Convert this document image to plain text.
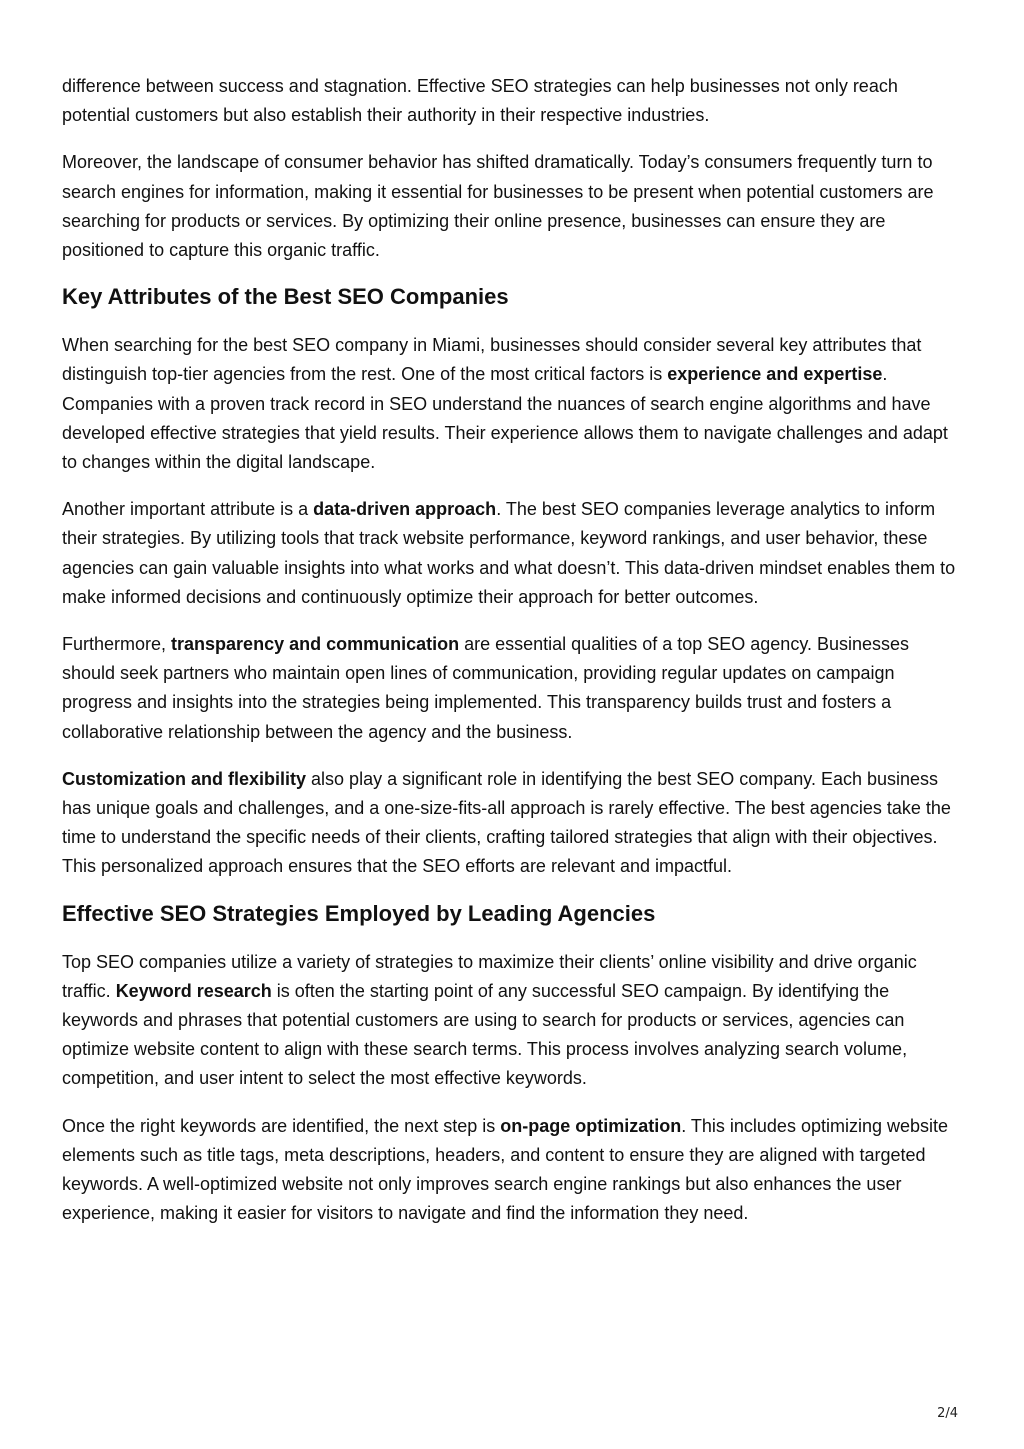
difference between success and stagnation. Effective SEO strategies can help businesses not only reach potential customers but also establish their authority in their respective industries.

Moreover, the landscape of consumer behavior has shifted dramatically. Today’s consumers frequently turn to search engines for information, making it essential for businesses to be present when potential customers are searching for products or services. By optimizing their online presence, businesses can ensure they are positioned to capture this organic traffic.

Key Attributes of the Best SEO Companies

When searching for the best SEO company in Miami, businesses should consider several key attributes that distinguish top-tier agencies from the rest. One of the most critical factors is experience and expertise. Companies with a proven track record in SEO understand the nuances of search engine algorithms and have developed effective strategies that yield results. Their experience allows them to navigate challenges and adapt to changes within the digital landscape.

Another important attribute is a data-driven approach. The best SEO companies leverage analytics to inform their strategies. By utilizing tools that track website performance, keyword rankings, and user behavior, these agencies can gain valuable insights into what works and what doesn’t. This data-driven mindset enables them to make informed decisions and continuously optimize their approach for better outcomes.

Furthermore, transparency and communication are essential qualities of a top SEO agency. Businesses should seek partners who maintain open lines of communication, providing regular updates on campaign progress and insights into the strategies being implemented. This transparency builds trust and fosters a collaborative relationship between the agency and the business.

Customization and flexibility also play a significant role in identifying the best SEO company. Each business has unique goals and challenges, and a one-size-fits-all approach is rarely effective. The best agencies take the time to understand the specific needs of their clients, crafting tailored strategies that align with their objectives. This personalized approach ensures that the SEO efforts are relevant and impactful.

Effective SEO Strategies Employed by Leading Agencies

Top SEO companies utilize a variety of strategies to maximize their clients’ online visibility and drive organic traffic. Keyword research is often the starting point of any successful SEO campaign. By identifying the keywords and phrases that potential customers are using to search for products or services, agencies can optimize website content to align with these search terms. This process involves analyzing search volume, competition, and user intent to select the most effective keywords.

Once the right keywords are identified, the next step is on-page optimization. This includes optimizing website elements such as title tags, meta descriptions, headers, and content to ensure they are aligned with targeted keywords. A well-optimized website not only improves search engine rankings but also enhances the user experience, making it easier for visitors to navigate and find the information they need.

2/4
